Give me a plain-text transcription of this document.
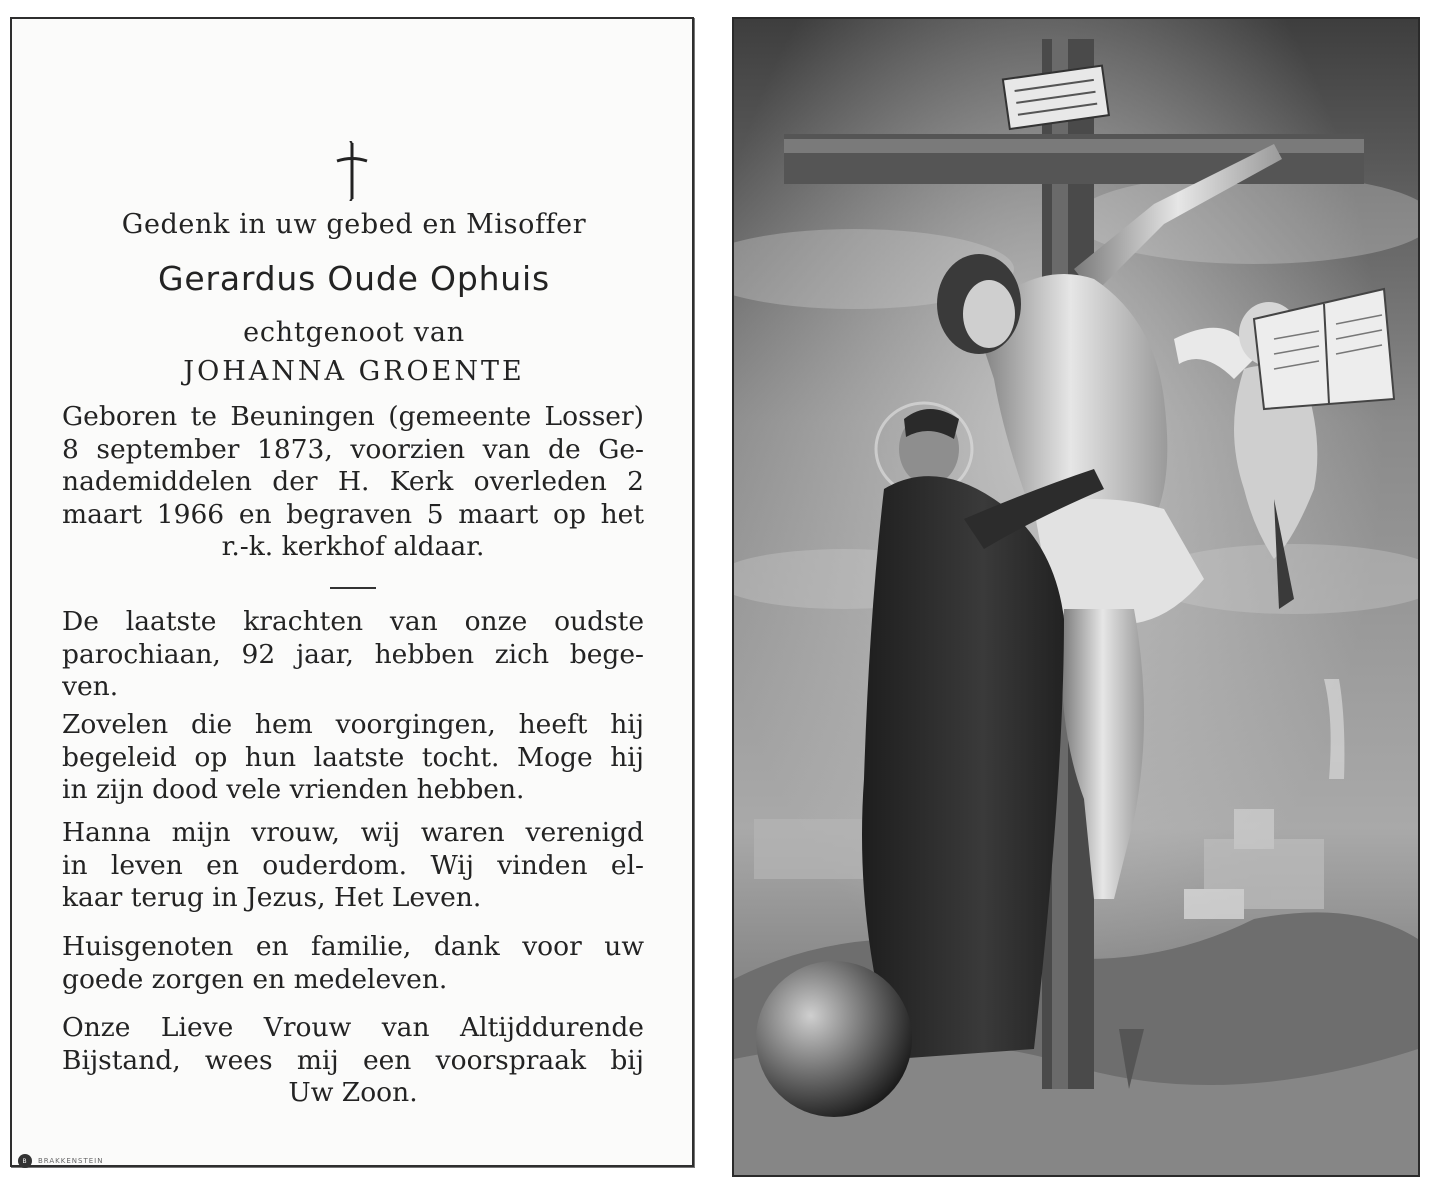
Gedenk in uw gebed en Misoffer
Gerardus Oude Ophuis
echtgenoot van
JOHANNA GROENTE
Geboren te Beuningen (gemeente Losser)
8 september 1873, voorzien van de Ge-
nademiddelen der H. Kerk overleden 2
maart 1966 en begraven 5 maart op het
r.-k. kerkhof aldaar.
De laatste krachten van onze oudste
parochiaan, 92 jaar, hebben zich bege-
ven.
Zovelen die hem voorgingen, heeft hij
begeleid op hun laatste tocht. Moge hij
in zijn dood vele vrienden hebben.
Hanna mijn vrouw, wij waren verenigd
in leven en ouderdom. Wij vinden el-
kaar terug in Jezus, Het Leven.
Huisgenoten en familie, dank voor uw
goede zorgen en medeleven.
Onze Lieve Vrouw van Altijddurende
Bijstand, wees mij een voorspraak bij
Uw Zoon.
B	BRAKKENSTEIN
